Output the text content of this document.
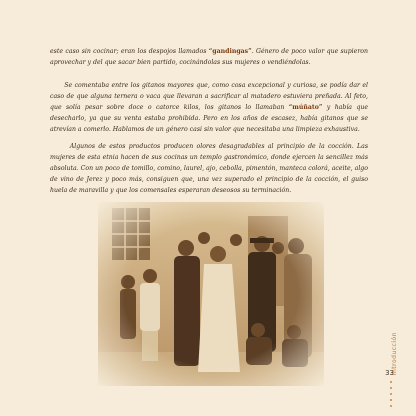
este caso sin cocinar; eran los despojos llamados “gandingas”. Género de poco valor que supieron aprovechar y del que sacar bien partido, cocinándolas sus mujeres o vendiéndolas.

Se comentaba entre los gitanos mayores que, como cosa excepcional y curiosa, se podía dar el caso de que alguna ternera o vaca que llevaran a sacrificar al matadero estuviera preñada. Al feto, que solía pesar sobre doce o catorce kilos, los gitanos lo llamaban “múñato” y había que desecharlo, ya que su venta estaba prohibida. Pero en los años de escasez, había gitanos que se atrevían a comerlo. Hablamos de un género casi sin valor que necesitaba una limpieza exhaustiva.

Algunos de estos productos producen olores desagradables al principio de la cocción. Las mujeres de esta etnia hacen de sus cocinas un templo gastronómico, donde ejercen la sencillez más absoluta. Con un poco de tomillo, comino, laurel, ajo, cebolla, pimentón, manteca colorá, aceite, algo de vino de Jerez y poco más, consiguen que, una vez superado el principio de la cocción, el guiso huela de maravilla y que los comensales esperaran deseosos su terminación.

Introducción
33
